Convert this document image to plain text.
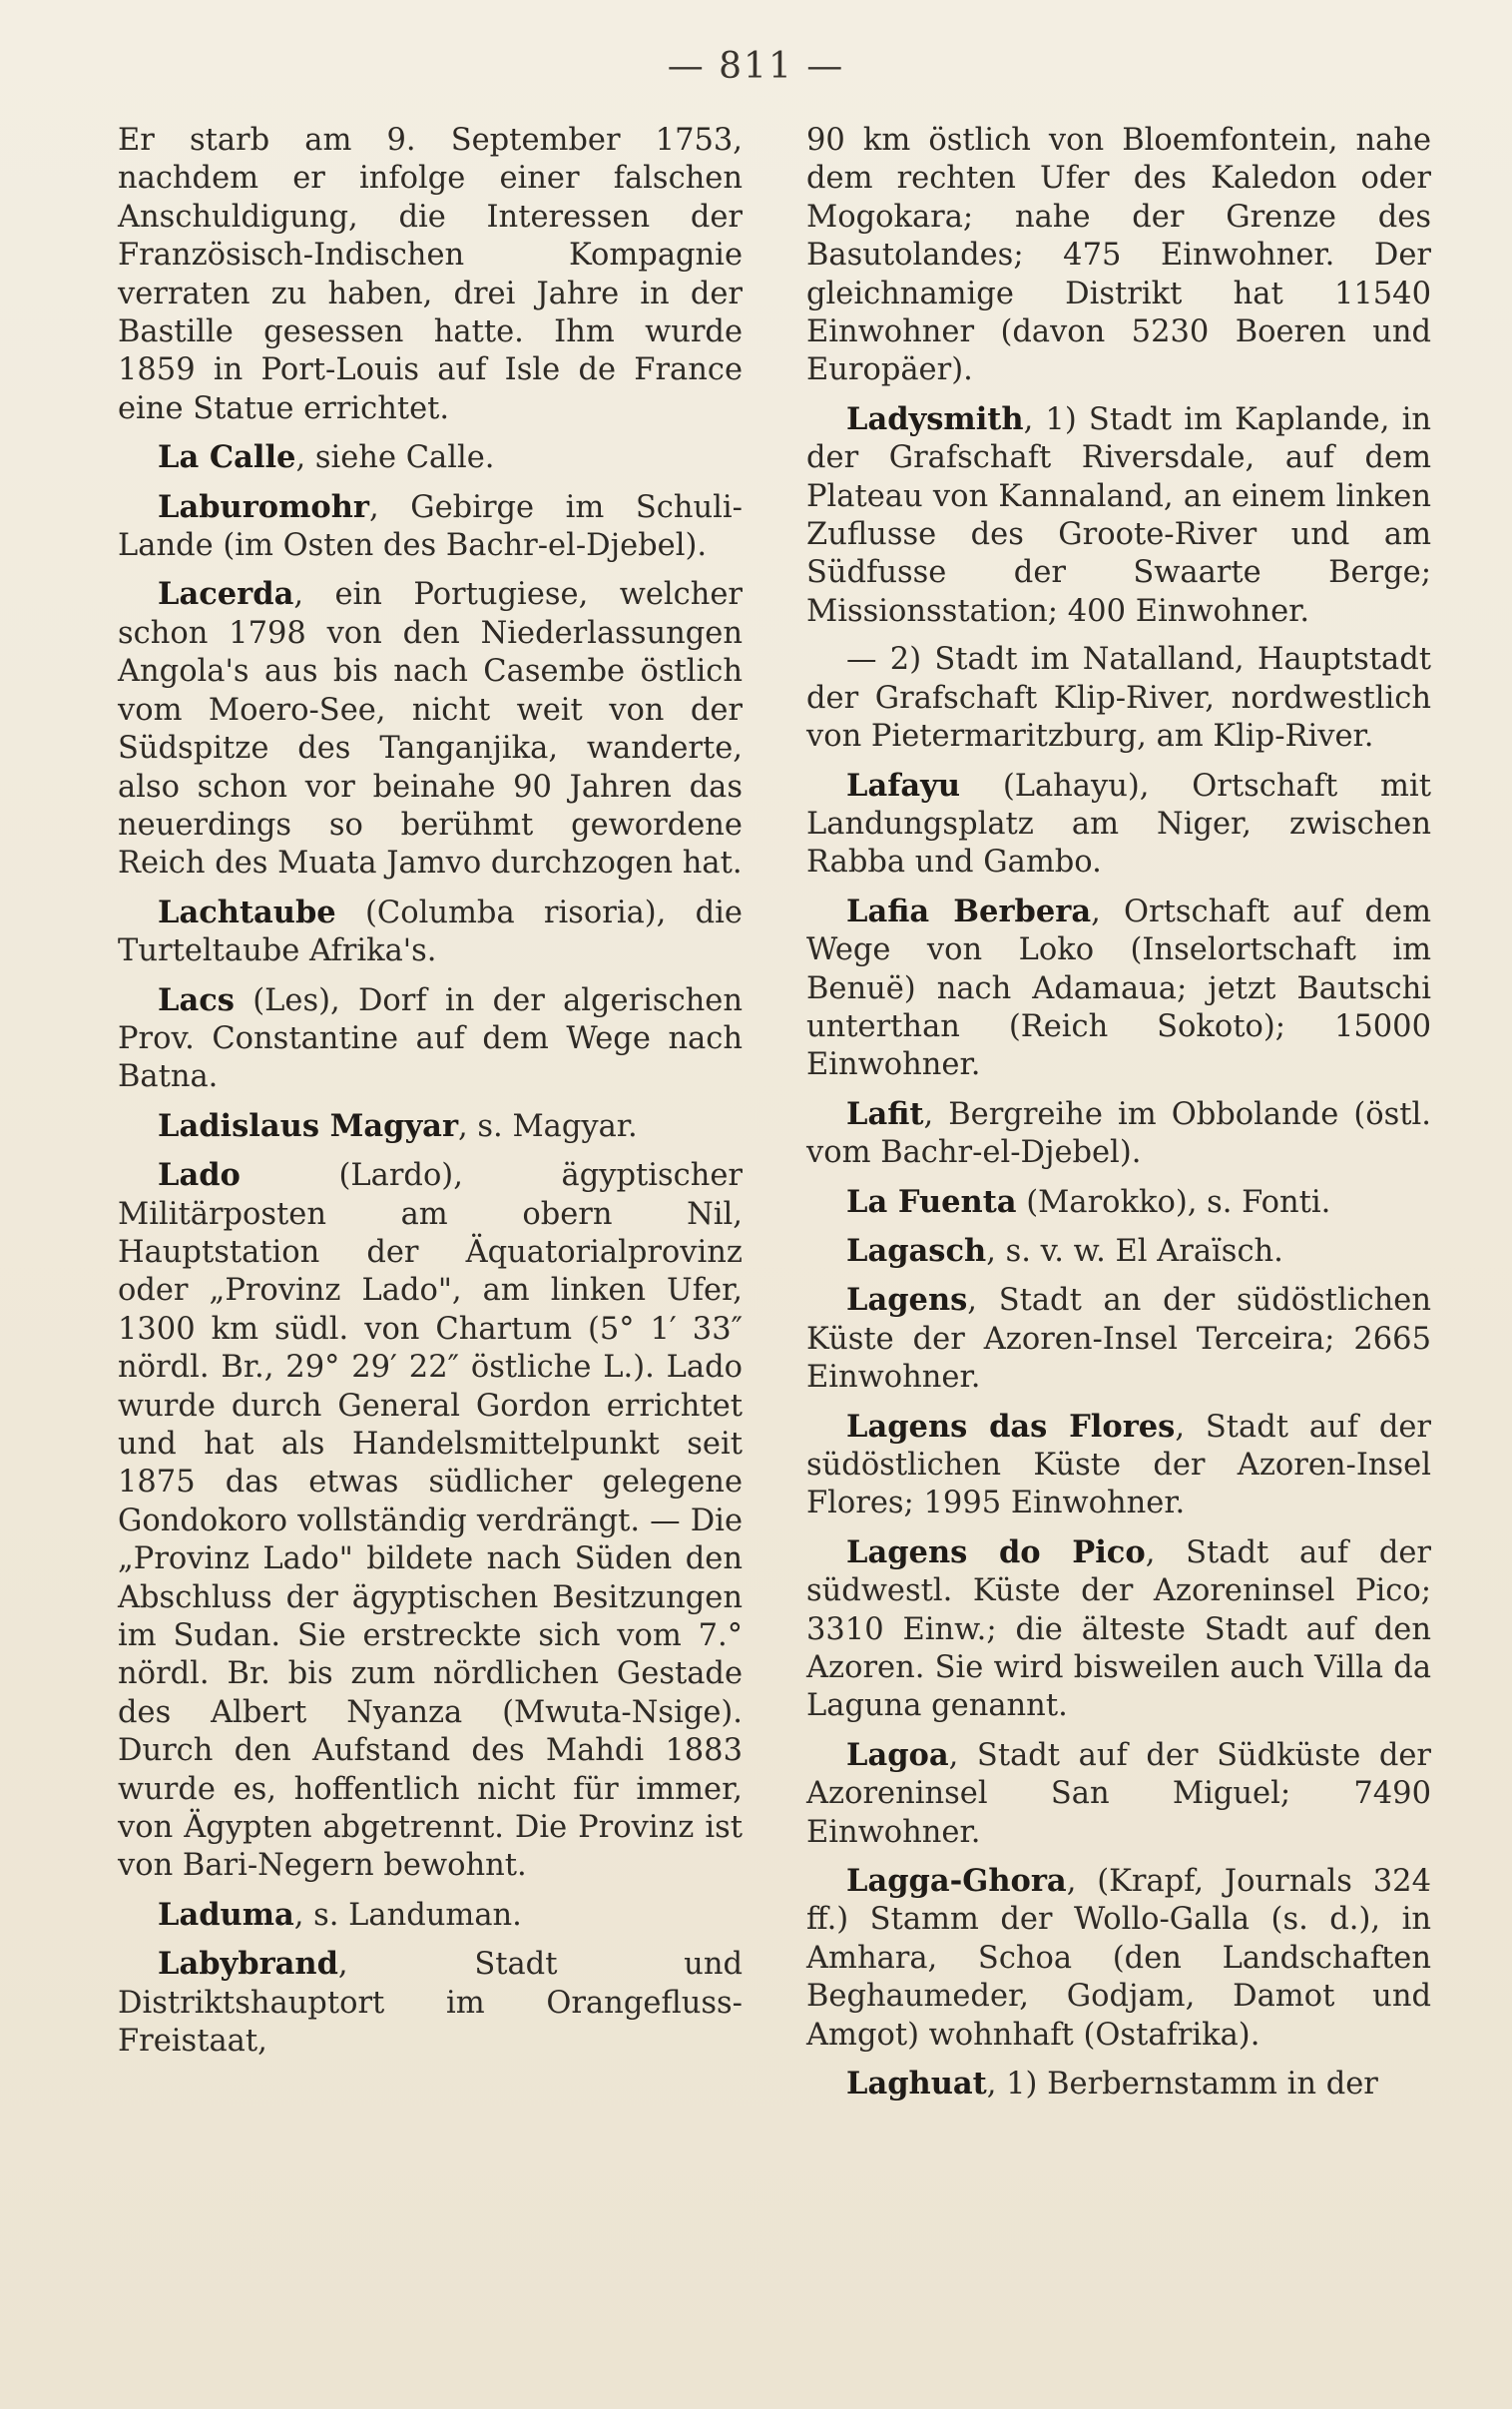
— 811 —

Er starb am 9. September 1753, nachdem er infolge einer falschen Anschuldigung, die Interessen der Französisch-Indischen Kompagnie verraten zu haben, drei Jahre in der Bastille gesessen hatte. Ihm wurde 1859 in Port-Louis auf Isle de France eine Statue errichtet.

La Calle, siehe Calle.

Laburomohr, Gebirge im Schuli-Lande (im Osten des Bachr-el-Djebel).

Lacerda, ein Portugiese, welcher schon 1798 von den Niederlassungen Angola's aus bis nach Casembe östlich vom Moero-See, nicht weit von der Südspitze des Tanganjika, wanderte, also schon vor beinahe 90 Jahren das neuerdings so berühmt gewordene Reich des Muata Jamvo durchzogen hat.

Lachtaube (Columba risoria), die Turteltaube Afrika's.

Lacs (Les), Dorf in der algerischen Prov. Constantine auf dem Wege nach Batna.

Ladislaus Magyar, s. Magyar.

Lado (Lardo), ägyptischer Militärposten am obern Nil, Hauptstation der Äquatorialprovinz oder „Provinz Lado", am linken Ufer, 1300 km südl. von Chartum (5° 1′ 33″ nördl. Br., 29° 29′ 22″ östliche L.). Lado wurde durch General Gordon errichtet und hat als Handelsmittelpunkt seit 1875 das etwas südlicher gelegene Gondokoro vollständig verdrängt. — Die „Provinz Lado" bildete nach Süden den Abschluss der ägyptischen Besitzungen im Sudan. Sie erstreckte sich vom 7.° nördl. Br. bis zum nördlichen Gestade des Albert Nyanza (Mwuta-Nsige). Durch den Aufstand des Mahdi 1883 wurde es, hoffentlich nicht für immer, von Ägypten abgetrennt. Die Provinz ist von Bari-Negern bewohnt.

Laduma, s. Landuman.

Labybrand, Stadt und Distriktshauptort im Orangefluss-Freistaat,

90 km östlich von Bloemfontein, nahe dem rechten Ufer des Kaledon oder Mogokara; nahe der Grenze des Basutolandes; 475 Einwohner. Der gleichnamige Distrikt hat 11540 Einwohner (davon 5230 Boeren und Europäer).

Ladysmith, 1) Stadt im Kaplande, in der Grafschaft Riversdale, auf dem Plateau von Kannaland, an einem linken Zuflusse des Groote-River und am Südfusse der Swaarte Berge; Missionsstation; 400 Einwohner.

— 2) Stadt im Natalland, Hauptstadt der Grafschaft Klip-River, nordwestlich von Pietermaritzburg, am Klip-River.

Lafayu (Lahayu), Ortschaft mit Landungsplatz am Niger, zwischen Rabba und Gambo.

Lafia Berbera, Ortschaft auf dem Wege von Loko (Inselortschaft im Benuë) nach Adamaua; jetzt Bautschi unterthan (Reich Sokoto); 15000 Einwohner.

Lafit, Bergreihe im Obbolande (östl. vom Bachr-el-Djebel).

La Fuenta (Marokko), s. Fonti.

Lagasch, s. v. w. El Araïsch.

Lagens, Stadt an der südöstlichen Küste der Azoren-Insel Terceira; 2665 Einwohner.

Lagens das Flores, Stadt auf der südöstlichen Küste der Azoren-Insel Flores; 1995 Einwohner.

Lagens do Pico, Stadt auf der südwestl. Küste der Azoreninsel Pico; 3310 Einw.; die älteste Stadt auf den Azoren. Sie wird bisweilen auch Villa da Laguna genannt.

Lagoa, Stadt auf der Südküste der Azoreninsel San Miguel; 7490 Einwohner.

Lagga-Ghora, (Krapf, Journals 324 ff.) Stamm der Wollo-Galla (s. d.), in Amhara, Schoa (den Landschaften Beghaumeder, Godjam, Damot und Amgot) wohnhaft (Ostafrika).

Laghuat, 1) Berbernstamm in der
